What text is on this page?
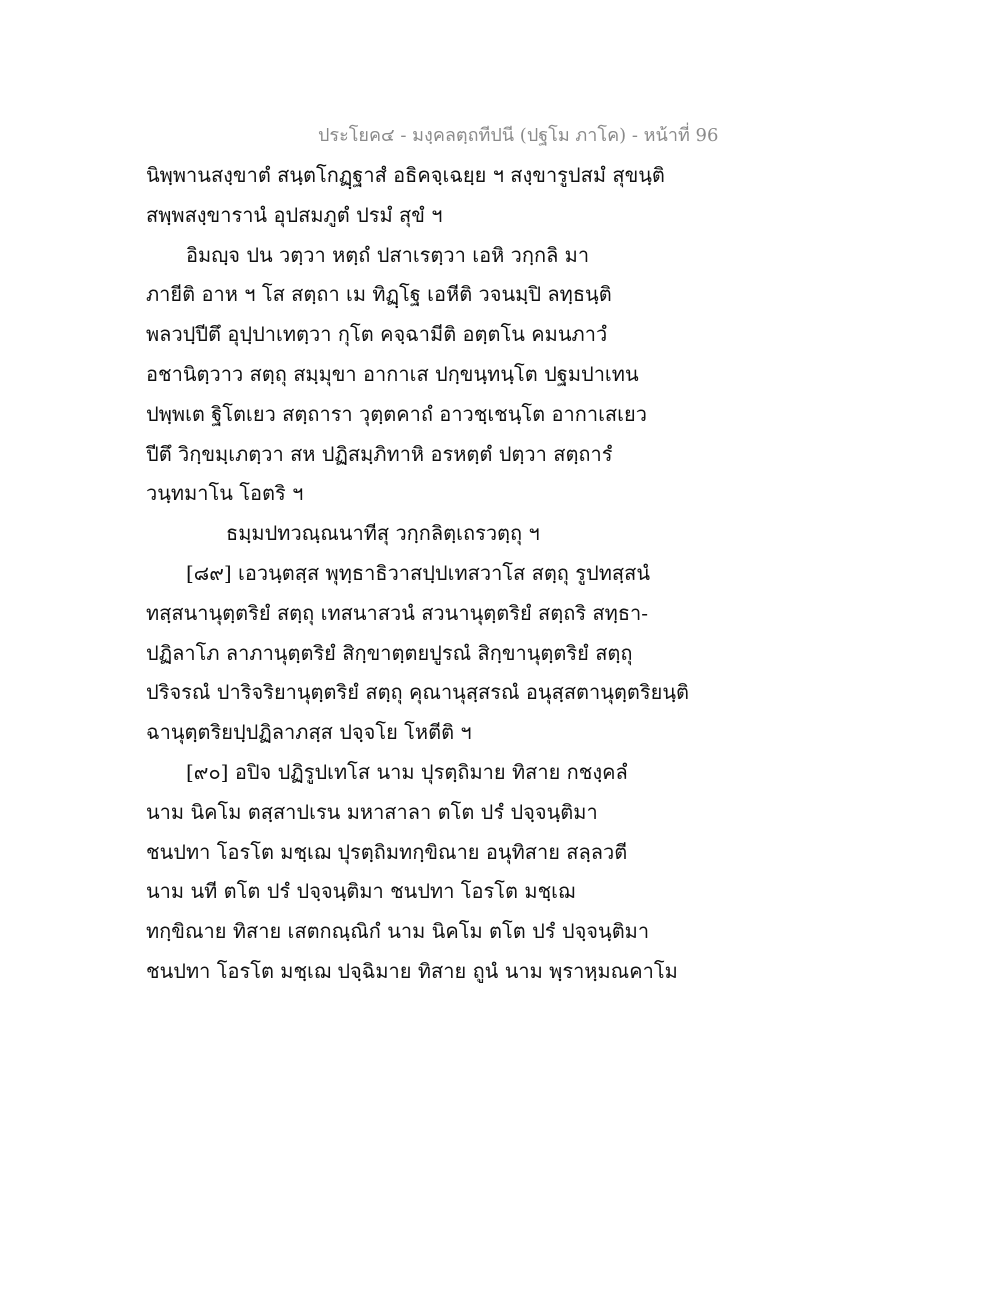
ประโยค๔ - มงฺคลตฺถทีปนี (ปฐโม ภาโค) - หน้าที่ 96
นิพฺพานสงฺขาตํ สนฺตโกฏฺฐาสํ อธิคจฺเฉยฺย ฯ สงฺขารูปสมํ สุขนฺติ
สพฺพสงฺขารานํ อุปสมภูตํ ปรมํ สุขํ ฯ
อิมญฺจ ปน วตฺวา หตฺถํ ปสาเรตฺวา เอหิ วกฺกลิ มา
ภายีติ อาห ฯ โส สตฺถา เม ทิฏฺโฐ เอหีติ วจนมฺปิ ลทฺธนฺติ
พลวปฺปีตึ อุปฺปาเทตฺวา กุโต คจฺฉามีติ อตฺตโน คมนภาวํ
อชานิตฺวาว สตฺถุ สมฺมุขา อากาเส ปกฺขนฺทนฺโต ปฐมปาเทน
ปพฺพเต ฐิโตเยว สตฺถารา วุตฺตคาถํ อาวชฺเชนฺโต อากาเสเยว
ปีตึ วิกฺขมฺเภตฺวา สห ปฏิสมฺภิทาหิ อรหตฺตํ ปตฺวา สตฺถารํ
วนฺทมาโน โอตริ ฯ
ธมฺมปทวณฺณนาทีสุ วกฺกลิตฺเถรวตฺถุ ฯ
[๘๙] เอวนฺตสฺส พุทฺธาธิวาสปฺปเทสวาโส สตฺถุ รูปทสฺสนํ
ทสฺสนานุตฺตริยํ สตฺถุ เทสนาสวนํ สวนานุตฺตริยํ สตฺถริ สทฺธา-
ปฏิลาโภ ลาภานุตฺตริยํ สิกฺขาตฺตยปูรณํ สิกฺขานุตฺตริยํ สตฺถุ
ปริจรณํ ปาริจริยานุตฺตริยํ สตฺถุ คุณานุสฺสรณํ อนุสฺสตานุตฺตริยนฺติ
ฉานุตฺตริยปฺปฏิลาภสฺส ปจฺจโย โหตีติ ฯ
[๙๐] อปิจ ปฏิรูปเทโส นาม ปุรตฺถิมาย ทิสาย กชงฺคลํ
นาม นิคโม ตสฺสาปเรน มหาสาลา ตโต ปรํ ปจฺจนฺติมา
ชนปทา โอรโต มชฺเฌ ปุรตฺถิมทกฺขิณาย อนุทิสาย สลฺลวตี
นาม นที ตโต ปรํ ปจฺจนฺติมา ชนปทา โอรโต มชฺเฌ
ทกฺขิณาย ทิสาย เสตกณฺณิกํ นาม นิคโม ตโต ปรํ ปจฺจนฺติมา
ชนปทา โอรโต มชฺเฌ ปจฺฉิมาย ทิสาย ถูนํ นาม พฺราหฺมณคาโม
